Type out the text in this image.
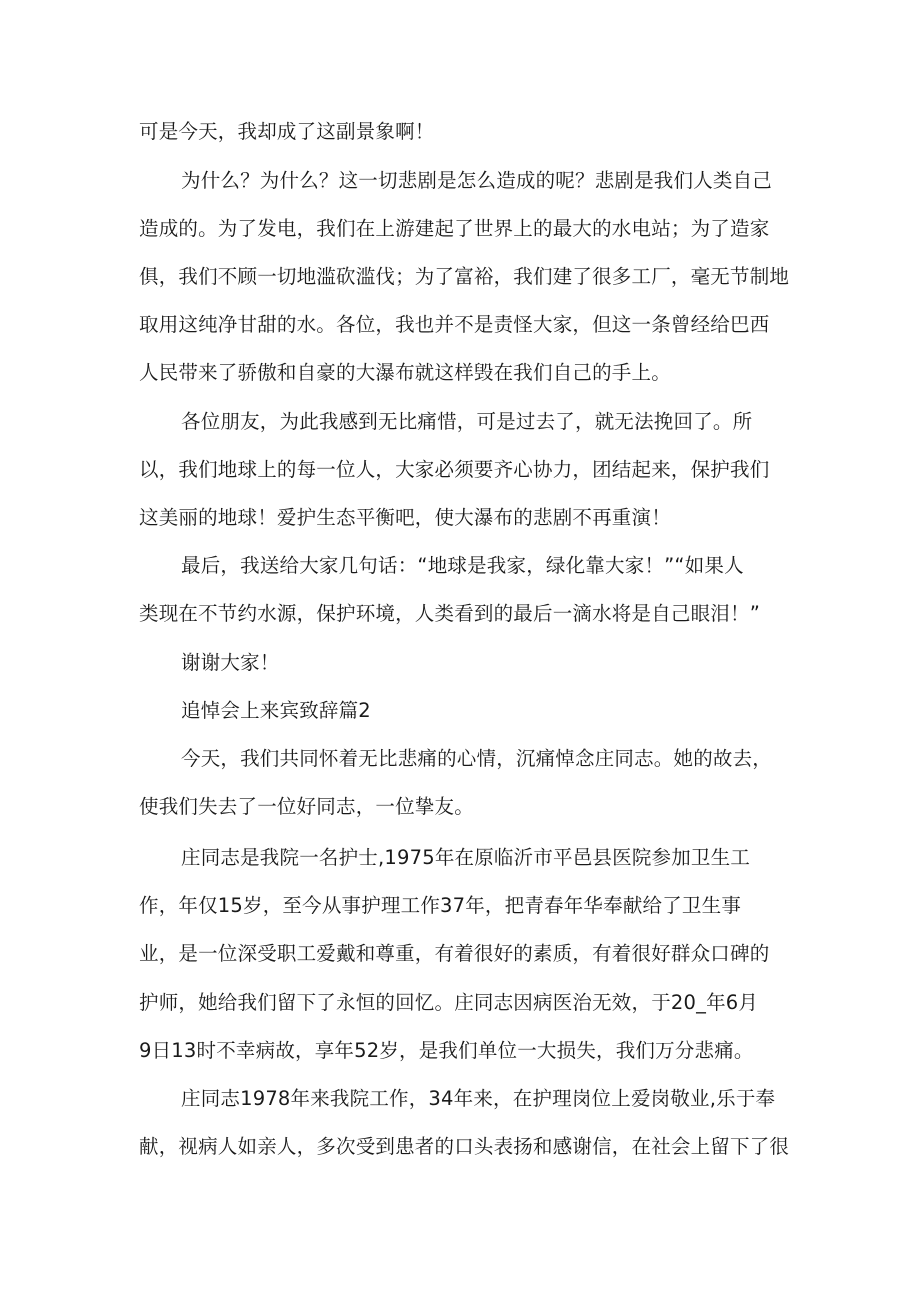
可是今天，我却成了这副景象啊！
为什么？为什么？这一切悲剧是怎么造成的呢？悲剧是我们人类自己
造成的。为了发电，我们在上游建起了世界上的最大的水电站；为了造家
俱，我们不顾一切地滥砍滥伐；为了富裕，我们建了很多工厂，毫无节制地
取用这纯净甘甜的水。各位，我也并不是责怪大家，但这一条曾经给巴西
人民带来了骄傲和自豪的大瀑布就这样毁在我们自己的手上。
各位朋友，为此我感到无比痛惜，可是过去了，就无法挽回了。所
以，我们地球上的每一位人，大家必须要齐心协力，团结起来，保护我们
这美丽的地球！爱护生态平衡吧，使大瀑布的悲剧不再重演！
最后，我送给大家几句话：“地球是我家，绿化靠大家！”“如果人
类现在不节约水源，保护环境，人类看到的最后一滴水将是自己眼泪！”
谢谢大家！
追悼会上来宾致辞篇2
今天，我们共同怀着无比悲痛的心情，沉痛悼念庄同志。她的故去，
使我们失去了一位好同志，一位挚友。
庄同志是我院一名护士,1975年在原临沂市平邑县医院参加卫生工
作，年仅15岁，至今从事护理工作37年，把青春年华奉献给了卫生事
业，是一位深受职工爱戴和尊重，有着很好的素质，有着很好群众口碑的
护师，她给我们留下了永恒的回忆。庄同志因病医治无效，于20_年6月
9日13时不幸病故，享年52岁，是我们单位一大损失，我们万分悲痛。
庄同志1978年来我院工作，34年来，在护理岗位上爱岗敬业,乐于奉
献，视病人如亲人，多次受到患者的口头表扬和感谢信，在社会上留下了很
